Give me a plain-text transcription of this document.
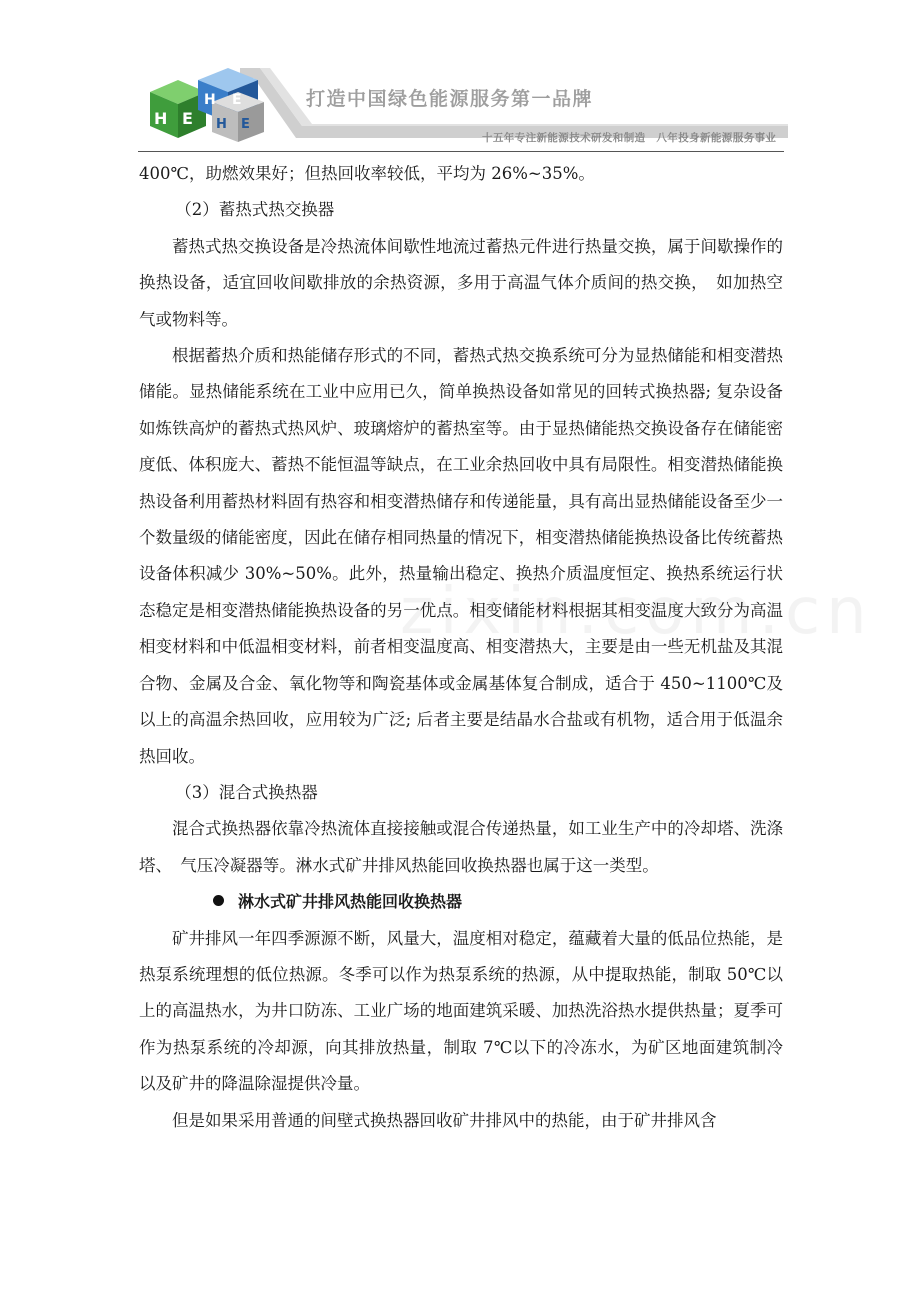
H E
H E
H E
打造中国绿色能源服务第一品牌
十五年专注新能源技术研发和制造　八年投身新能源服务事业

400℃，助燃效果好；但热回收率较低，平均为 26%~35%。

（2）蓄热式热交换器

蓄热式热交换设备是冷热流体间歇性地流过蓄热元件进行热量交换，属于间歇操作的换热设备，适宜回收间歇排放的余热资源，多用于高温气体介质间的热交换，　如加热空气或物料等。

根据蓄热介质和热能储存形式的不同，蓄热式热交换系统可分为显热储能和相变潜热储能。显热储能系统在工业中应用已久，简单换热设备如常见的回转式换热器; 复杂设备如炼铁高炉的蓄热式热风炉、玻璃熔炉的蓄热室等。由于显热储能热交换设备存在储能密度低、体积庞大、蓄热不能恒温等缺点，在工业余热回收中具有局限性。相变潜热储能换热设备利用蓄热材料固有热容和相变潜热储存和传递能量，具有高出显热储能设备至少一个数量级的储能密度，因此在储存相同热量的情况下，相变潜热储能换热设备比传统蓄热设备体积减少 30%~50%。此外，热量输出稳定、换热介质温度恒定、换热系统运行状态稳定是相变潜热储能换热设备的另一优点。相变储能材料根据其相变温度大致分为高温相变材料和中低温相变材料，前者相变温度高、相变潜热大，主要是由一些无机盐及其混合物、金属及合金、氧化物等和陶瓷基体或金属基体复合制成，适合于 450~1100℃及以上的高温余热回收，应用较为广泛; 后者主要是结晶水合盐或有机物，适合用于低温余热回收。

（3）混合式换热器

混合式换热器依靠冷热流体直接接触或混合传递热量，如工业生产中的冷却塔、洗涤塔、　气压冷凝器等。淋水式矿井排风热能回收换热器也属于这一类型。

淋水式矿井排风热能回收换热器

矿井排风一年四季源源不断，风量大，温度相对稳定，蕴藏着大量的低品位热能，是热泵系统理想的低位热源。冬季可以作为热泵系统的热源，从中提取热能，制取 50℃以上的高温热水，为井口防冻、工业广场的地面建筑采暖、加热洗浴热水提供热量；夏季可作为热泵系统的冷却源，向其排放热量，制取 7℃以下的冷冻水，为矿区地面建筑制冷以及矿井的降温除湿提供冷量。

但是如果采用普通的间壁式换热器回收矿井排风中的热能，由于矿井排风含
